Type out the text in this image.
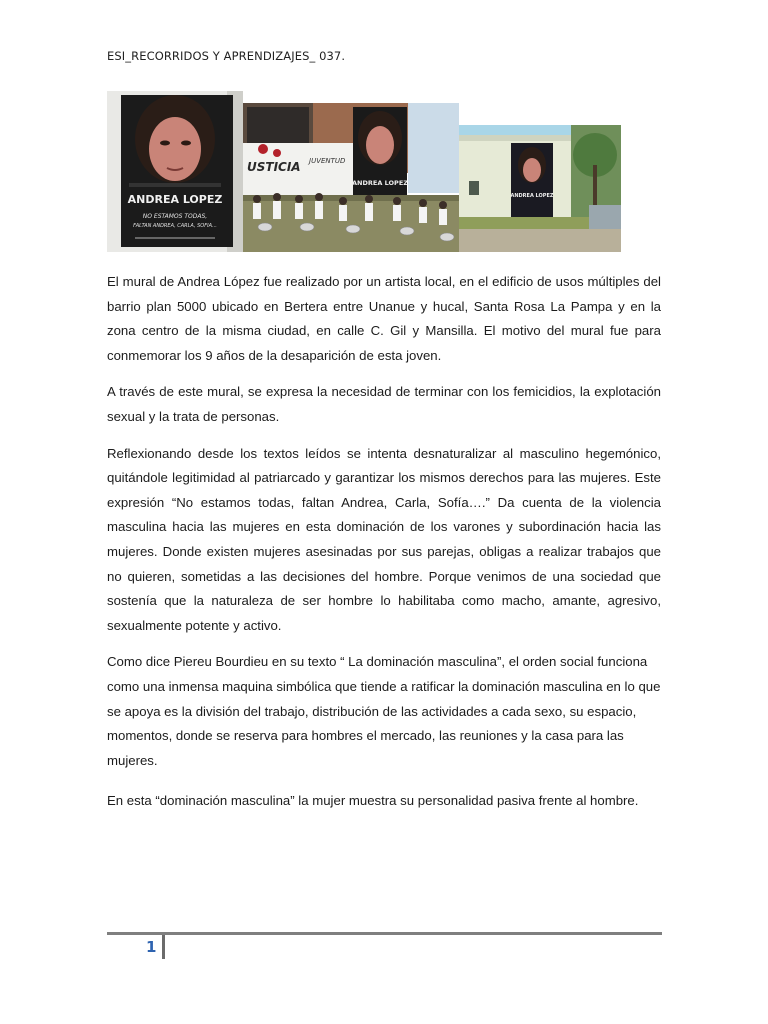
ESI_RECORRIDOS Y APRENDIZAJES_ 037.
ANDREA LOPEZ
NO ESTAMOS TODAS,
FALTAN ANDREA, CARLA, SOFIA...
USTICIA JUVENTUD
ANDREA LOPEZ
ANDREA LOPEZ

El mural de Andrea López fue realizado por un artista local, en el edificio de usos múltiples del barrio plan 5000 ubicado en Bertera entre Unanue y hucal, Santa Rosa La Pampa y en la zona centro de la misma ciudad, en calle C. Gil y Mansilla. El motivo del mural fue para conmemorar los 9 años de la desaparición de esta joven.

A través de este mural, se expresa la necesidad de terminar con los femicidios, la explotación sexual y la trata de personas.

Reflexionando desde los textos leídos se intenta desnaturalizar al masculino hegemónico, quitándole legitimidad al patriarcado y garantizar los mismos derechos para las mujeres. Este expresión “No estamos todas, faltan Andrea, Carla, Sofía….” Da cuenta de la violencia masculina hacia las mujeres en esta dominación de los varones y subordinación hacia las mujeres. Donde existen mujeres asesinadas por sus parejas, obligas a realizar trabajos que no quieren, sometidas a las decisiones del hombre. Porque venimos de una sociedad que sostenía que la naturaleza de ser hombre lo habilitaba como macho, amante, agresivo, sexualmente potente y activo.

Como dice Piereu Bourdieu en su texto “ La dominación masculina”, el orden social funciona como una inmensa maquina simbólica que tiende a ratificar la dominación masculina en lo que se apoya es la división del trabajo, distribución de las actividades a cada sexo, su espacio, momentos, donde se reserva para hombres el mercado, las reuniones y la casa para las mujeres.

En esta “dominación masculina” la mujer muestra su personalidad pasiva frente al hombre.

1
